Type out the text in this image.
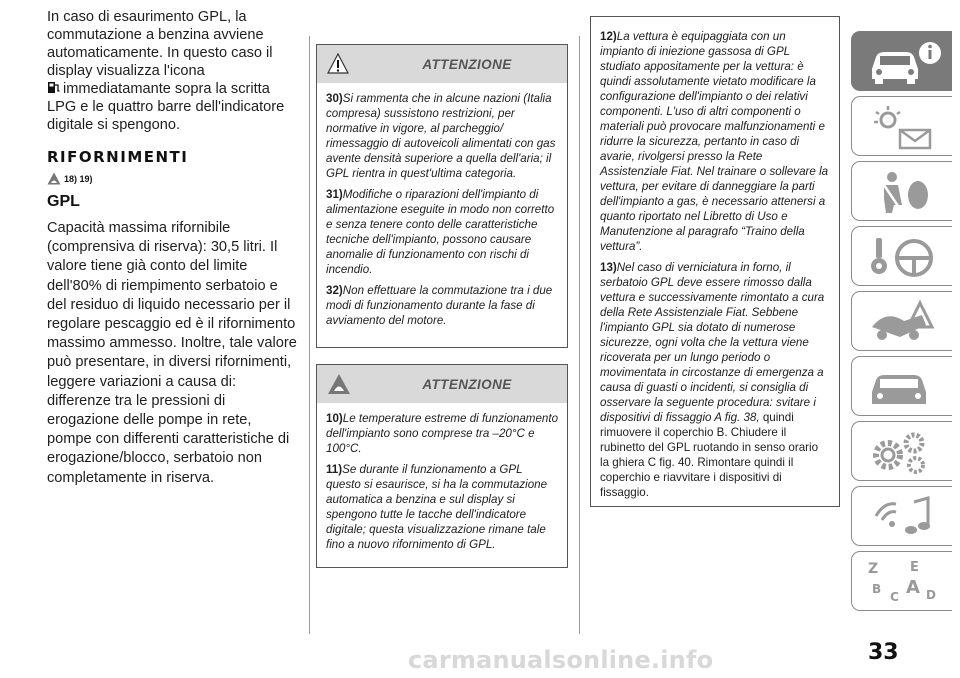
In caso di esaurimento GPL, la commutazione a benzina avviene automaticamente. In questo caso il display visualizza l'icona
immediatamante sopra la scritta LPG e le quattro barre dell'indicatore digitale si spengono.

RIFORNIMENTI
18) 19)
GPL

Capacità massima rifornibile (comprensiva di riserva): 30,5 litri. Il valore tiene già conto del limite dell'80% di riempimento serbatoio e del residuo di liquido necessario per il regolare pescaggio ed è il rifornimento massimo ammesso. Inoltre, tale valore può presentare, in diversi rifornimenti, leggere variazioni a causa di: differenze tra le pressioni di erogazione delle pompe in rete, pompe con differenti caratteristiche di erogazione/blocco, serbatoio non completamente in riserva.

ATTENZIONE

30)Si rammenta che in alcune nazioni (Italia compresa) sussistono restrizioni, per normative in vigore, al parcheggio/ rimessaggio di autoveicoli alimentati con gas avente densità superiore a quella dell'aria; il GPL rientra in quest'ultima categoria.

31)Modifiche o riparazioni dell'impianto di alimentazione eseguite in modo non corretto e senza tenere conto delle caratteristiche tecniche dell'impianto, possono causare anomalie di funzionamento con rischi di incendio.

32)Non effettuare la commutazione tra i due modi di funzionamento durante la fase di avviamento del motore.

ATTENZIONE

10)Le temperature estreme di funzionamento dell'impianto sono comprese tra –20°C e 100°C.

11)Se durante il funzionamento a GPL questo si esaurisce, si ha la commutazione automatica a benzina e sul display si spengono tutte le tacche dell'indicatore digitale; questa visualizzazione rimane tale fino a nuovo rifornimento di GPL.

12)La vettura è equipaggiata con un impianto di iniezione gassosa di GPL studiato appositamente per la vettura: è quindi assolutamente vietato modificare la configurazione dell'impianto o dei relativi componenti. L'uso di altri componenti o materiali può provocare malfunzionamenti e ridurre la sicurezza, pertanto in caso di avarie, rivolgersi presso la Rete Assistenziale Fiat. Nel trainare o sollevare la vettura, per evitare di danneggiare la parti dell'impianto a gas, è necessario attenersi a quanto riportato nel Libretto di Uso e Manutenzione al paragrafo “Traino della vettura”.

13)Nel caso di verniciatura in forno, il serbatoio GPL deve essere rimosso dalla vettura e successivamente rimontato a cura della Rete Assistenziale Fiat. Sebbene l'impianto GPL sia dotato di numerose sicurezze, ogni volta che la vettura viene ricoverata per un lungo periodo o movimentata in circostanze di emergenza a causa di guasti o incidenti, si consiglia di osservare la seguente procedura: svitare i dispositivi di fissaggio A fig. 38, quindi rimuovere il coperchio B. Chiudere il rubinetto del GPL ruotando in senso orario la ghiera C fig. 40. Rimontare quindi il coperchio e riavvitare i dispositivi di fissaggio.

Z E
B
C A D
33
carmanualsonline.info
